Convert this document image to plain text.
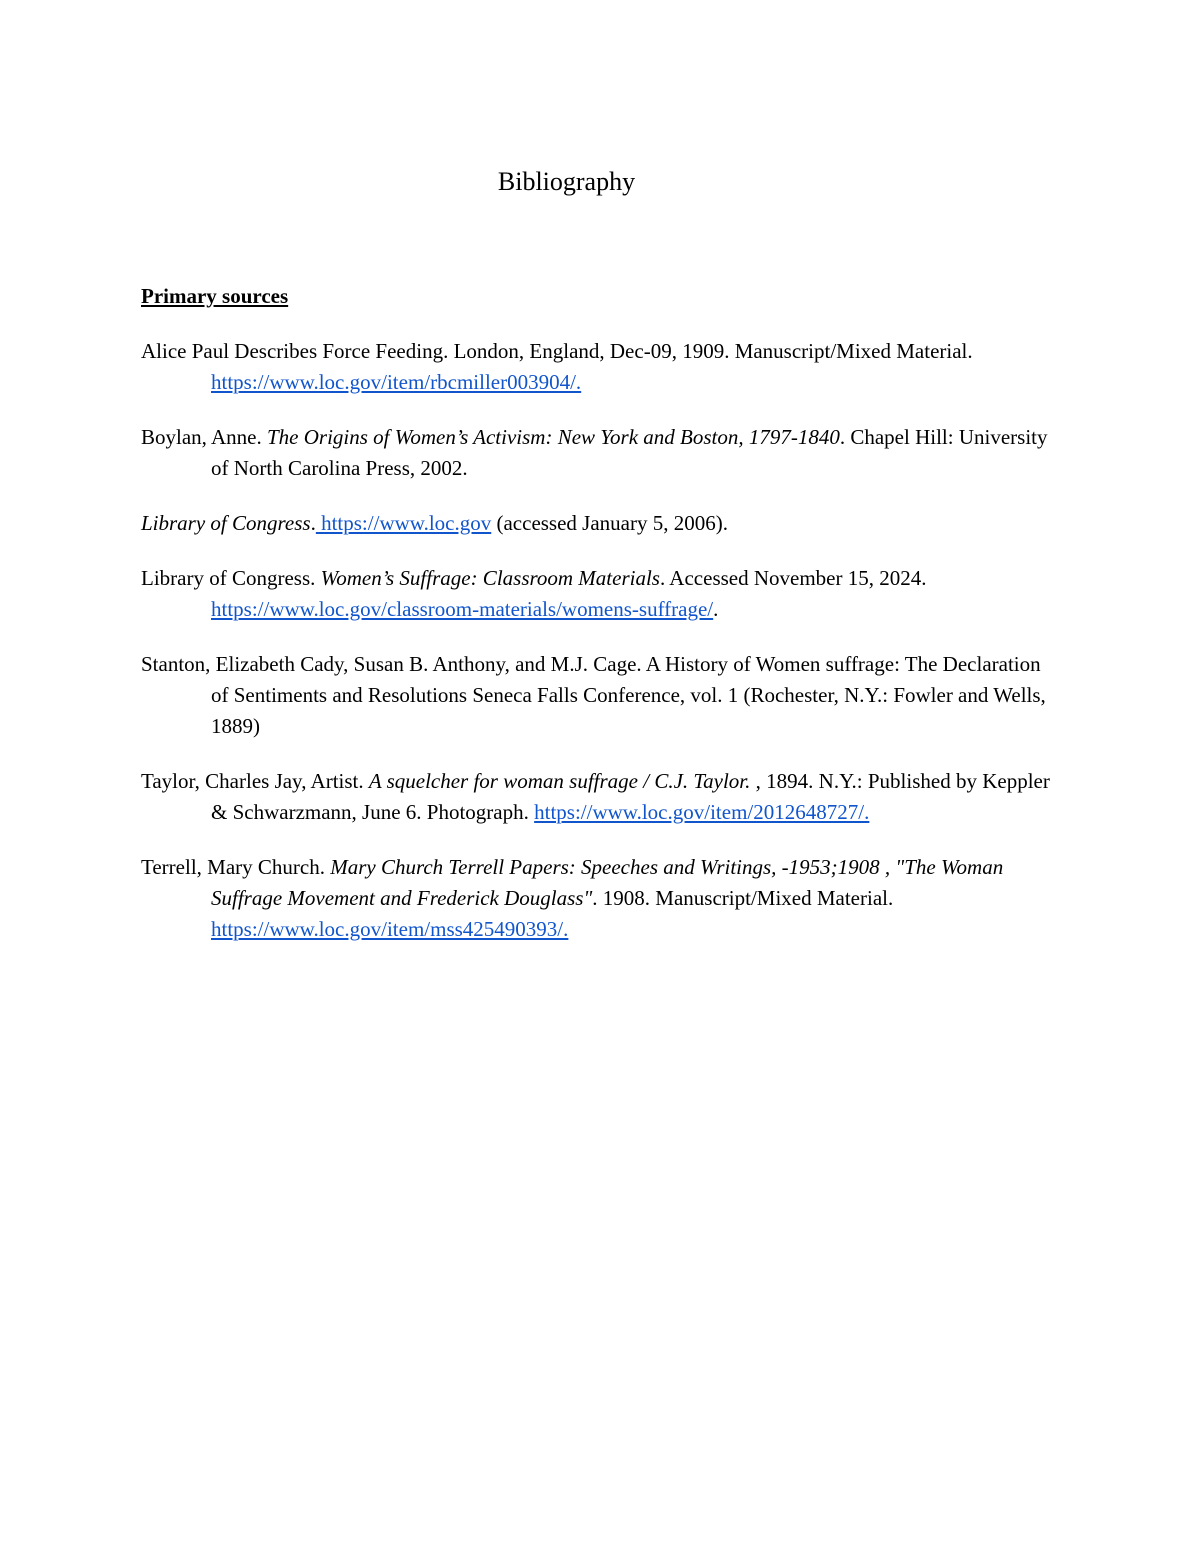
Bibliography
Primary sources

Alice Paul Describes Force Feeding. London, England, Dec-09, 1909. Manuscript/Mixed Material. https://www.loc.gov/item/rbcmiller003904/.

Boylan, Anne. The Origins of Women’s Activism: New York and Boston, 1797-1840. Chapel Hill: University of North Carolina Press, 2002.

Library of Congress. https://www.loc.gov (accessed January 5, 2006).

Library of Congress. Women’s Suffrage: Classroom Materials. Accessed November 15, 2024. https://www.loc.gov/classroom-materials/womens-suffrage/.

Stanton, Elizabeth Cady, Susan B. Anthony, and M.J. Cage. A History of Women suffrage: The Declaration of Sentiments and Resolutions Seneca Falls Conference, vol. 1 (Rochester, N.Y.: Fowler and Wells, 1889)

Taylor, Charles Jay, Artist. A squelcher for woman suffrage / C.J. Taylor. , 1894. N.Y.: Published by Keppler & Schwarzmann, June 6. Photograph. https://www.loc.gov/item/2012648727/.

Terrell, Mary Church. Mary Church Terrell Papers: Speeches and Writings, -1953;1908 , "The Woman Suffrage Movement and Frederick Douglass". 1908. Manuscript/Mixed Material. https://www.loc.gov/item/mss425490393/.
